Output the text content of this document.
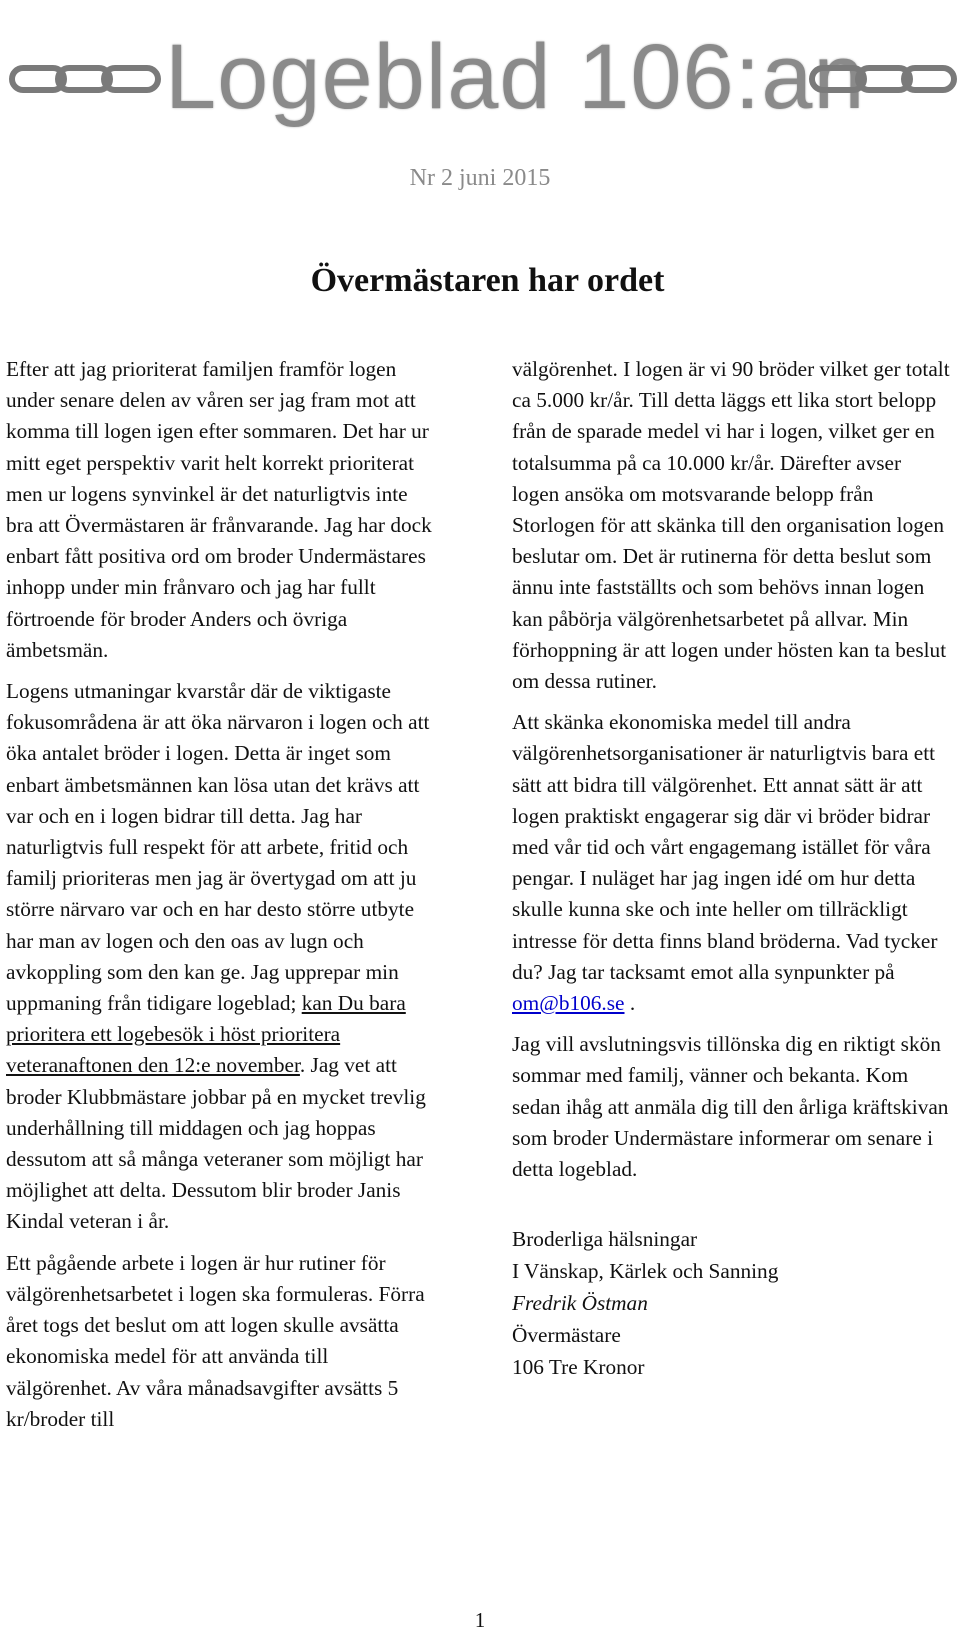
Logeblad 106:an
Nr 2 juni 2015
Övermästaren har ordet

Efter att jag prioriterat familjen framför logen under senare delen av våren ser jag fram mot att komma till logen igen efter sommaren. Det har ur mitt eget perspektiv varit helt korrekt prioriterat men ur logens synvinkel är det naturligtvis inte bra att Övermästaren är frånvarande. Jag har dock enbart fått positiva ord om broder Undermästares inhopp under min frånvaro och jag har fullt förtroende för broder Anders och övriga ämbetsmän.

Logens utmaningar kvarstår där de viktigaste fokusområdena är att öka närvaron i logen och att öka antalet bröder i logen. Detta är inget som enbart ämbetsmännen kan lösa utan det krävs att var och en i logen bidrar till detta. Jag har naturligtvis full respekt för att arbete, fritid och familj prioriteras men jag är övertygad om att ju större närvaro var och en har desto större utbyte har man av logen och den oas av lugn och avkoppling som den kan ge. Jag upprepar min uppmaning från tidigare logeblad; kan Du bara prioritera ett logebesök i höst prioritera veteranaftonen den 12:e november. Jag vet att broder Klubbmästare jobbar på en mycket trevlig underhållning till middagen och jag hoppas dessutom att så många veteraner som möjligt har möjlighet att delta. Dessutom blir broder Janis Kindal veteran i år.

Ett pågående arbete i logen är hur rutiner för välgörenhetsarbetet i logen ska formuleras. Förra året togs det beslut om att logen skulle avsätta ekonomiska medel för att använda till välgörenhet. Av våra månadsavgifter avsätts 5 kr/broder till

välgörenhet. I logen är vi 90 bröder vilket ger totalt ca 5.000 kr/år. Till detta läggs ett lika stort belopp från de sparade medel vi har i logen, vilket ger en totalsumma på ca 10.000 kr/år. Därefter avser logen ansöka om motsvarande belopp från Storlogen för att skänka till den organisation logen beslutar om. Det är rutinerna för detta beslut som ännu inte fastställts och som behövs innan logen kan påbörja välgörenhetsarbetet på allvar. Min förhoppning är att logen under hösten kan ta beslut om dessa rutiner.

Att skänka ekonomiska medel till andra välgörenhetsorganisationer är naturligtvis bara ett sätt att bidra till välgörenhet. Ett annat sätt är att logen praktiskt engagerar sig där vi bröder bidrar med vår tid och vårt engagemang istället för våra pengar. I nuläget har jag ingen idé om hur detta skulle kunna ske och inte heller om tillräckligt intresse för detta finns bland bröderna. Vad tycker du? Jag tar tacksamt emot alla synpunkter på om@b106.se .

Jag vill avslutningsvis tillönska dig en riktigt skön sommar med familj, vänner och bekanta. Kom sedan ihåg att anmäla dig till den årliga kräftskivan som broder Undermästare informerar om senare i detta logeblad.

Broderliga hälsningar
I Vänskap, Kärlek och Sanning
Fredrik Östman
Övermästare
106 Tre Kronor
1
